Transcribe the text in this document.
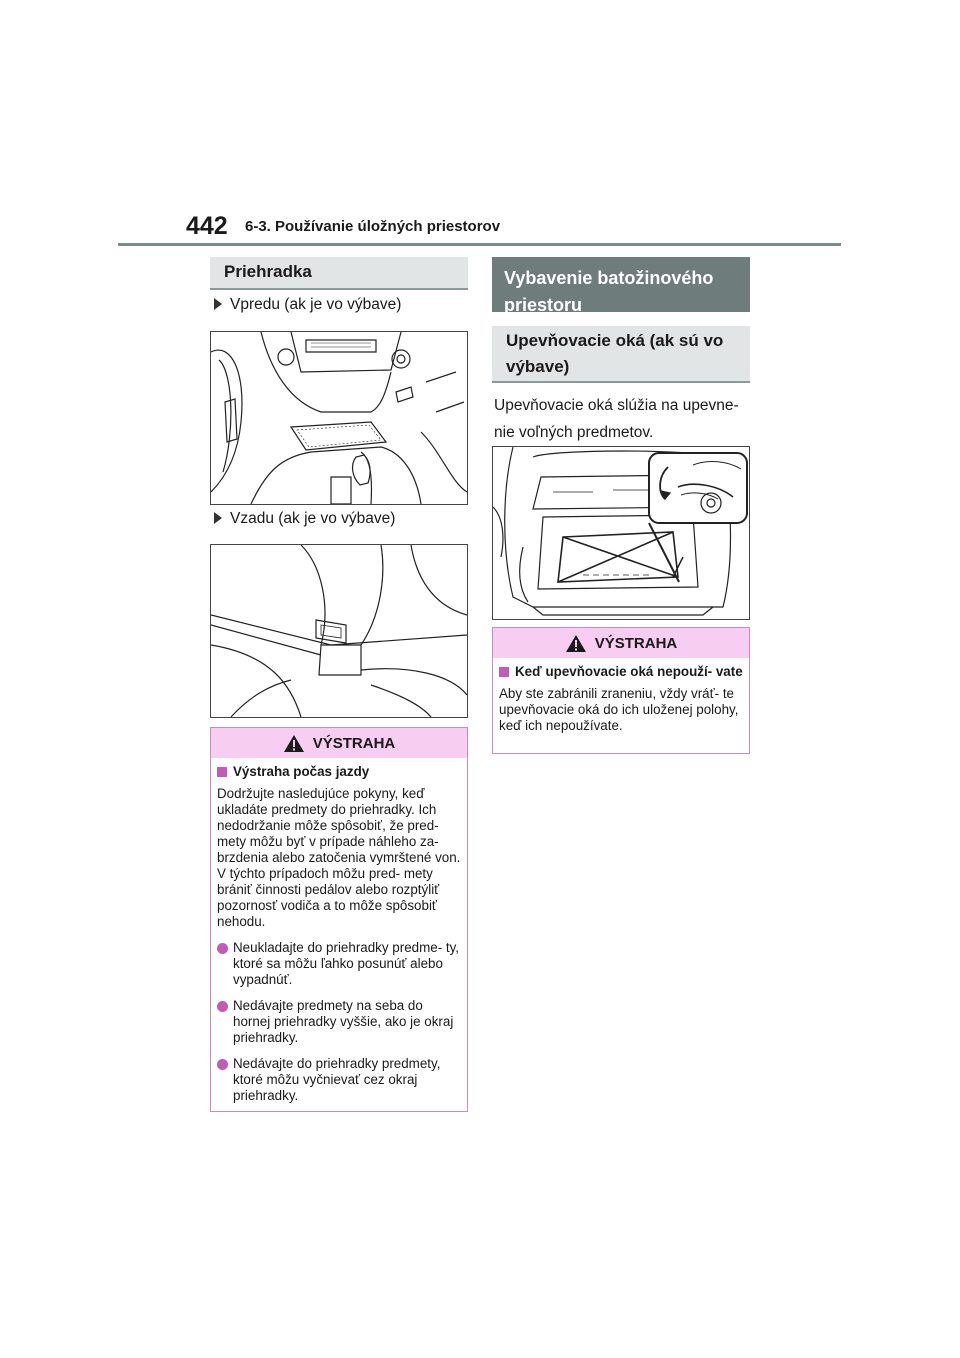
442 6-3. Používanie úložných priestorov
Priehradka
Vpredu (ak je vo výbave)
Vzadu (ak je vo výbave)
VÝSTRAHA
Výstraha počas jazdy

Dodržujte nasledujúce pokyny, keď ukladáte predmety do priehradky. Ich nedodržanie môže spôsobiť, že pred- mety môžu byť v prípade náhleho za- brzdenia alebo zatočenia vymrštené von. V týchto prípadoch môžu pred- mety brániť činnosti pedálov alebo rozptýliť pozornosť vodiča a to môže spôsobiť nehodu.

Neukladajte do priehradky predme- ty, ktoré sa môžu ľahko posunúť alebo vypadnúť.
Nedávajte predmety na seba do hornej priehradky vyššie, ako je okraj priehradky.
Nedávajte do priehradky predmety, ktoré môžu vyčnievať cez okraj priehradky.
Vybavenie batožinového priestoru
Upevňovacie oká (ak sú vo výbave)
Upevňovacie oká slúžia na upevne- nie voľných predmetov.
VÝSTRAHA
Keď upevňovacie oká nepouží- vate

Aby ste zabránili zraneniu, vždy vráť- te upevňovacie oká do ich uloženej polohy, keď ich nepoužívate.
